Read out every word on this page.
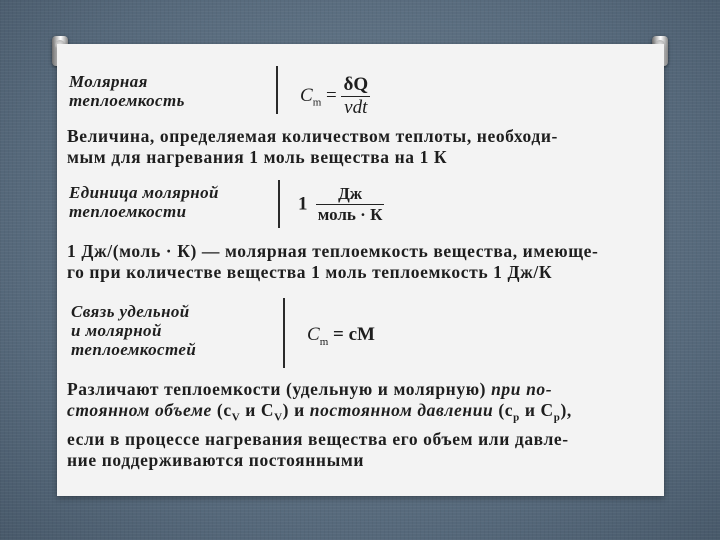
Молярная
теплоемкость	$C_m = \frac{\delta Q}{\text{νdt}}$
Величина, определяемая количеством теплоты, необходи-
мым для нагревания 1 моль вещества на 1 К
Единица молярной
теплоемкости	$1 \frac{Дж}{\text{моль · К}}$
1 Дж/(моль · К) — молярная теплоемкость вещества, имеюще-
го при количестве вещества 1 моль теплоемкость 1 Дж/К
Связь удельной
и молярной
теплоемкостей
$C_m$ = cM
Различают теплоемкости (удельную и молярную) при по-
стоянном объеме ($c_V$ и $C_V$) и постоянном давлении ($c_p$ и $C_p$),
если в процессе нагревания вещества его объем или давле-
ние поддерживаются постоянными
